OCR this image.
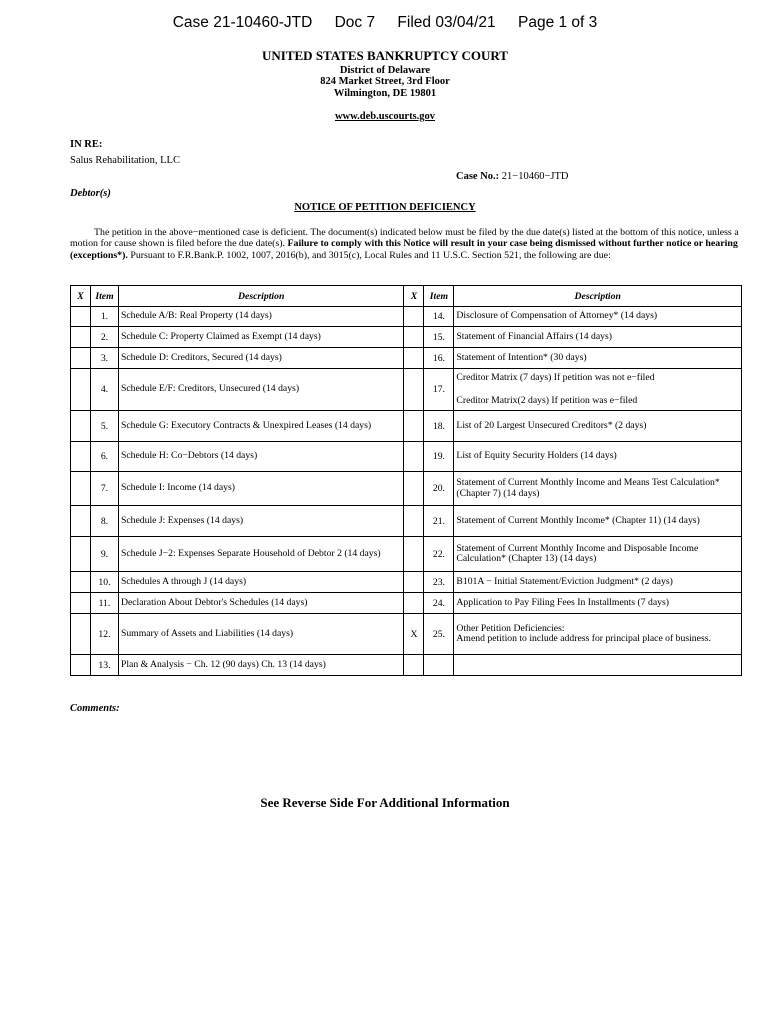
Case 21-10460-JTD Doc 7 Filed 03/04/21 Page 1 of 3
UNITED STATES BANKRUPTCY COURT
District of Delaware
824 Market Street, 3rd Floor
Wilmington, DE 19801
www.deb.uscourts.gov
IN RE:
Salus Rehabilitation, LLC
Case No.: 21−10460−JTD
Debtor(s)
NOTICE OF PETITION DEFICIENCY

The petition in the above−mentioned case is deficient. The document(s) indicated below must be filed by the due date(s) listed at the bottom of this notice, unless a motion for cause shown is filed before the due date(s). Failure to comply with this Notice will result in your case being dismissed without further notice or hearing (exceptions*). Pursuant to F.R.Bank.P. 1002, 1007, 2016(b), and 3015(c), Local Rules and 11 U.S.C. Section 521, the following are due:

X	Item	Description	X	Item	Description
	1.	Schedule A/B: Real Property (14 days)		14.	Disclosure of Compensation of Attorney* (14 days)
	2.	Schedule C: Property Claimed as Exempt (14 days)		15.	Statement of Financial Affairs (14 days)
	3.	Schedule D: Creditors, Secured (14 days)		16.	Statement of Intention* (30 days)
	4.	Schedule E/F: Creditors, Unsecured (14 days)		17.	Creditor Matrix (7 days) If petition was not e−filed
Creditor Matrix(2 days) If petition was e−filed

	5.	Schedule G: Executory Contracts & Unexpired Leases (14 days)		18.	List of 20 Largest Unsecured Creditors* (2 days)
	6.	Schedule H: Co−Debtors (14 days)		19.	List of Equity Security Holders (14 days)
	7.	Schedule I: Income (14 days)		20.	Statement of Current Monthly Income and Means Test Calculation* (Chapter 7) (14 days)
	8.	Schedule J: Expenses (14 days)		21.	Statement of Current Monthly Income* (Chapter 11) (14 days)
	9.	Schedule J−2: Expenses Separate Household of Debtor 2 (14 days)		22.	Statement of Current Monthly Income and Disposable Income Calculation* (Chapter 13) (14 days)
	10.	Schedules A through J (14 days)		23.	B101A − Initial Statement/Eviction Judgment* (2 days)
	11.	Declaration About Debtor's Schedules (14 days)		24.	Application to Pay Filing Fees In Installments (7 days)
	12.	Summary of Assets and Liabilities (14 days)	X	25.	Other Petition Deficiencies:
Amend petition to include address for principal place of business.

	13.	Plan & Analysis − Ch. 12 (90 days) Ch. 13 (14 days)			
Comments:
See Reverse Side For Additional Information
